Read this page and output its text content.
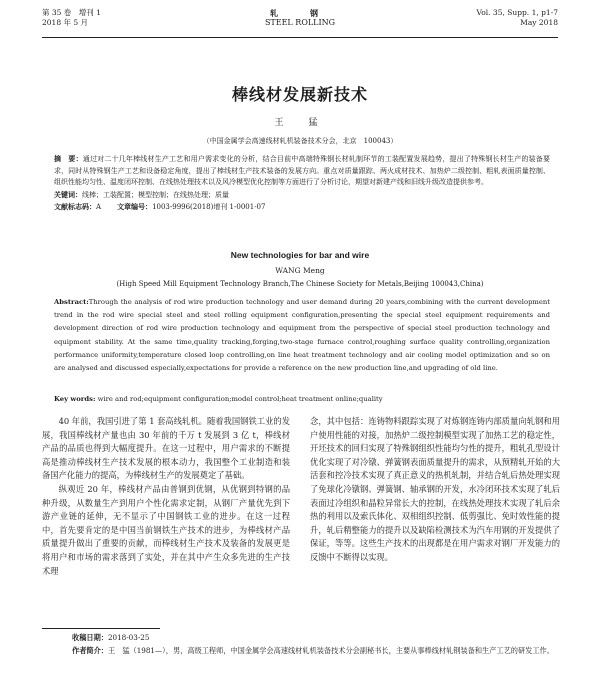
第 35 卷　增刊 1
2018 年 5 月
轧　钢
STEEL ROLLING
Vol. 35, Supp. 1, p1-7
May 2018
棒线材发展新技术
王　猛
（中国金属学会高速线材轧机装备技术分会，北京　100043）
摘　要：通过对二十几年棒线材生产工艺和用户需求变化的分析，结合目前中高端特殊钢长材轧制环节的工装配置发展趋势，提出了特殊钢长材生产的装备要求，同时从特殊钢生产工艺和设备稳定角度，提出了棒线材生产技术装备的发展方向。重点对质量跟踪、两火成材技术、加热炉二级控制、粗轧表面质量控制、组织性能均匀性、温度闭环控制、在线热处理技术以及风冷模型优化控制等方面进行了分析讨论，期望对新建产线和旧线升级改造提供参考。
关键词：线棒；工装配置；模型控制；在线热处理；质量
文献标志码：A 文章编号：1003-9996(2018)增刊 1-0001-07
New technologies for bar and wire
WANG Meng
(High Speed Mill Equipment Technology Branch,The Chinese Society for Metals,Beijing 100043,China)
Abstract:Through the analysis of rod wire production technology and user demand during 20 years,combining with the current development trend in the rod wire special steel and steel rolling equipment configuration,presenting the special steel equipment requirements and development direction of rod wire production technology and equipment from the perspective of special steel production technology and equipment stability. At the same time,quality tracking,forging,two-stage furnace control,roughing surface quality controlling,organization performance uniformity,temperature closed loop controlling,on line heat treatment technology and air cooling model optimization and so on are analysed and discussed especially,expectations for provide a reference on the new production line,and upgrading of old line.
Key words: wire and rod;equipment configuration;model control;heat treatment online;quality

40 年前，我国引进了第 1 套高线轧机。随着我国钢铁工业的发展，我国棒线材产量也由 30 年前的千万 t 发展到 3 亿 t，棒线材产品的品质也得到大幅度提升。在这一过程中，用户需求的不断提高是推动棒线材生产技术发展的根本动力，我国整个工业制造和装备国产化能力的提高，为棒线材生产的发展奠定了基础。

纵观近 20 年，棒线材产品由普钢到优钢，从优钢到特钢的品种升级，从数量生产到用户个性化需求定制，从钢厂产量优先到下游产业链的延伸，无不显示了中国钢铁工业的进步。在这一过程中，首先要肯定的是中国当前钢铁生产技术的进步，为棒线材产品质量提升做出了重要的贡献，而棒线材生产技术及装备的发展更是将用户和市场的需求落到了实处，并在其中产生众多先进的生产技术理

念，其中包括：连铸物料跟踪实现了对炼钢连铸内部质量向轧钢和用户使用性能的对接，加热炉二级控制模型实现了加热工艺的稳定性，开坯技术的回归实现了特殊钢组织性能均匀性的提升，粗轧孔型设计优化实现了对冷镦、弹簧钢表面质量提升的需求，从预精轧开始的大活套和控冷技术实现了真正意义的热机轧制，并结合轧后热处理实现了免球化冷镦钢、弹簧钢、轴承钢的开发，水冷闭环技术实现了轧后表面过冷组织和晶粒异常长大的控制，在线热处理技术实现了轧后余热的利用以及索氏体化、双相组织控制、低剪强比、免时效性能的提升，轧后精整能力的提升以及缺陷检测技术为汽车用钢的开发提供了保证，等等。这些生产技术的出现都是在用户需求对钢厂开发能力的反馈中不断得以实现。

收稿日期：2018-03-25
作者简介：王　猛（1981—），男，高级工程师，中国金属学会高速线材轧机装备技术分会副秘书长，主要从事棒线材轧钢装备和生产工艺的研发工作。
